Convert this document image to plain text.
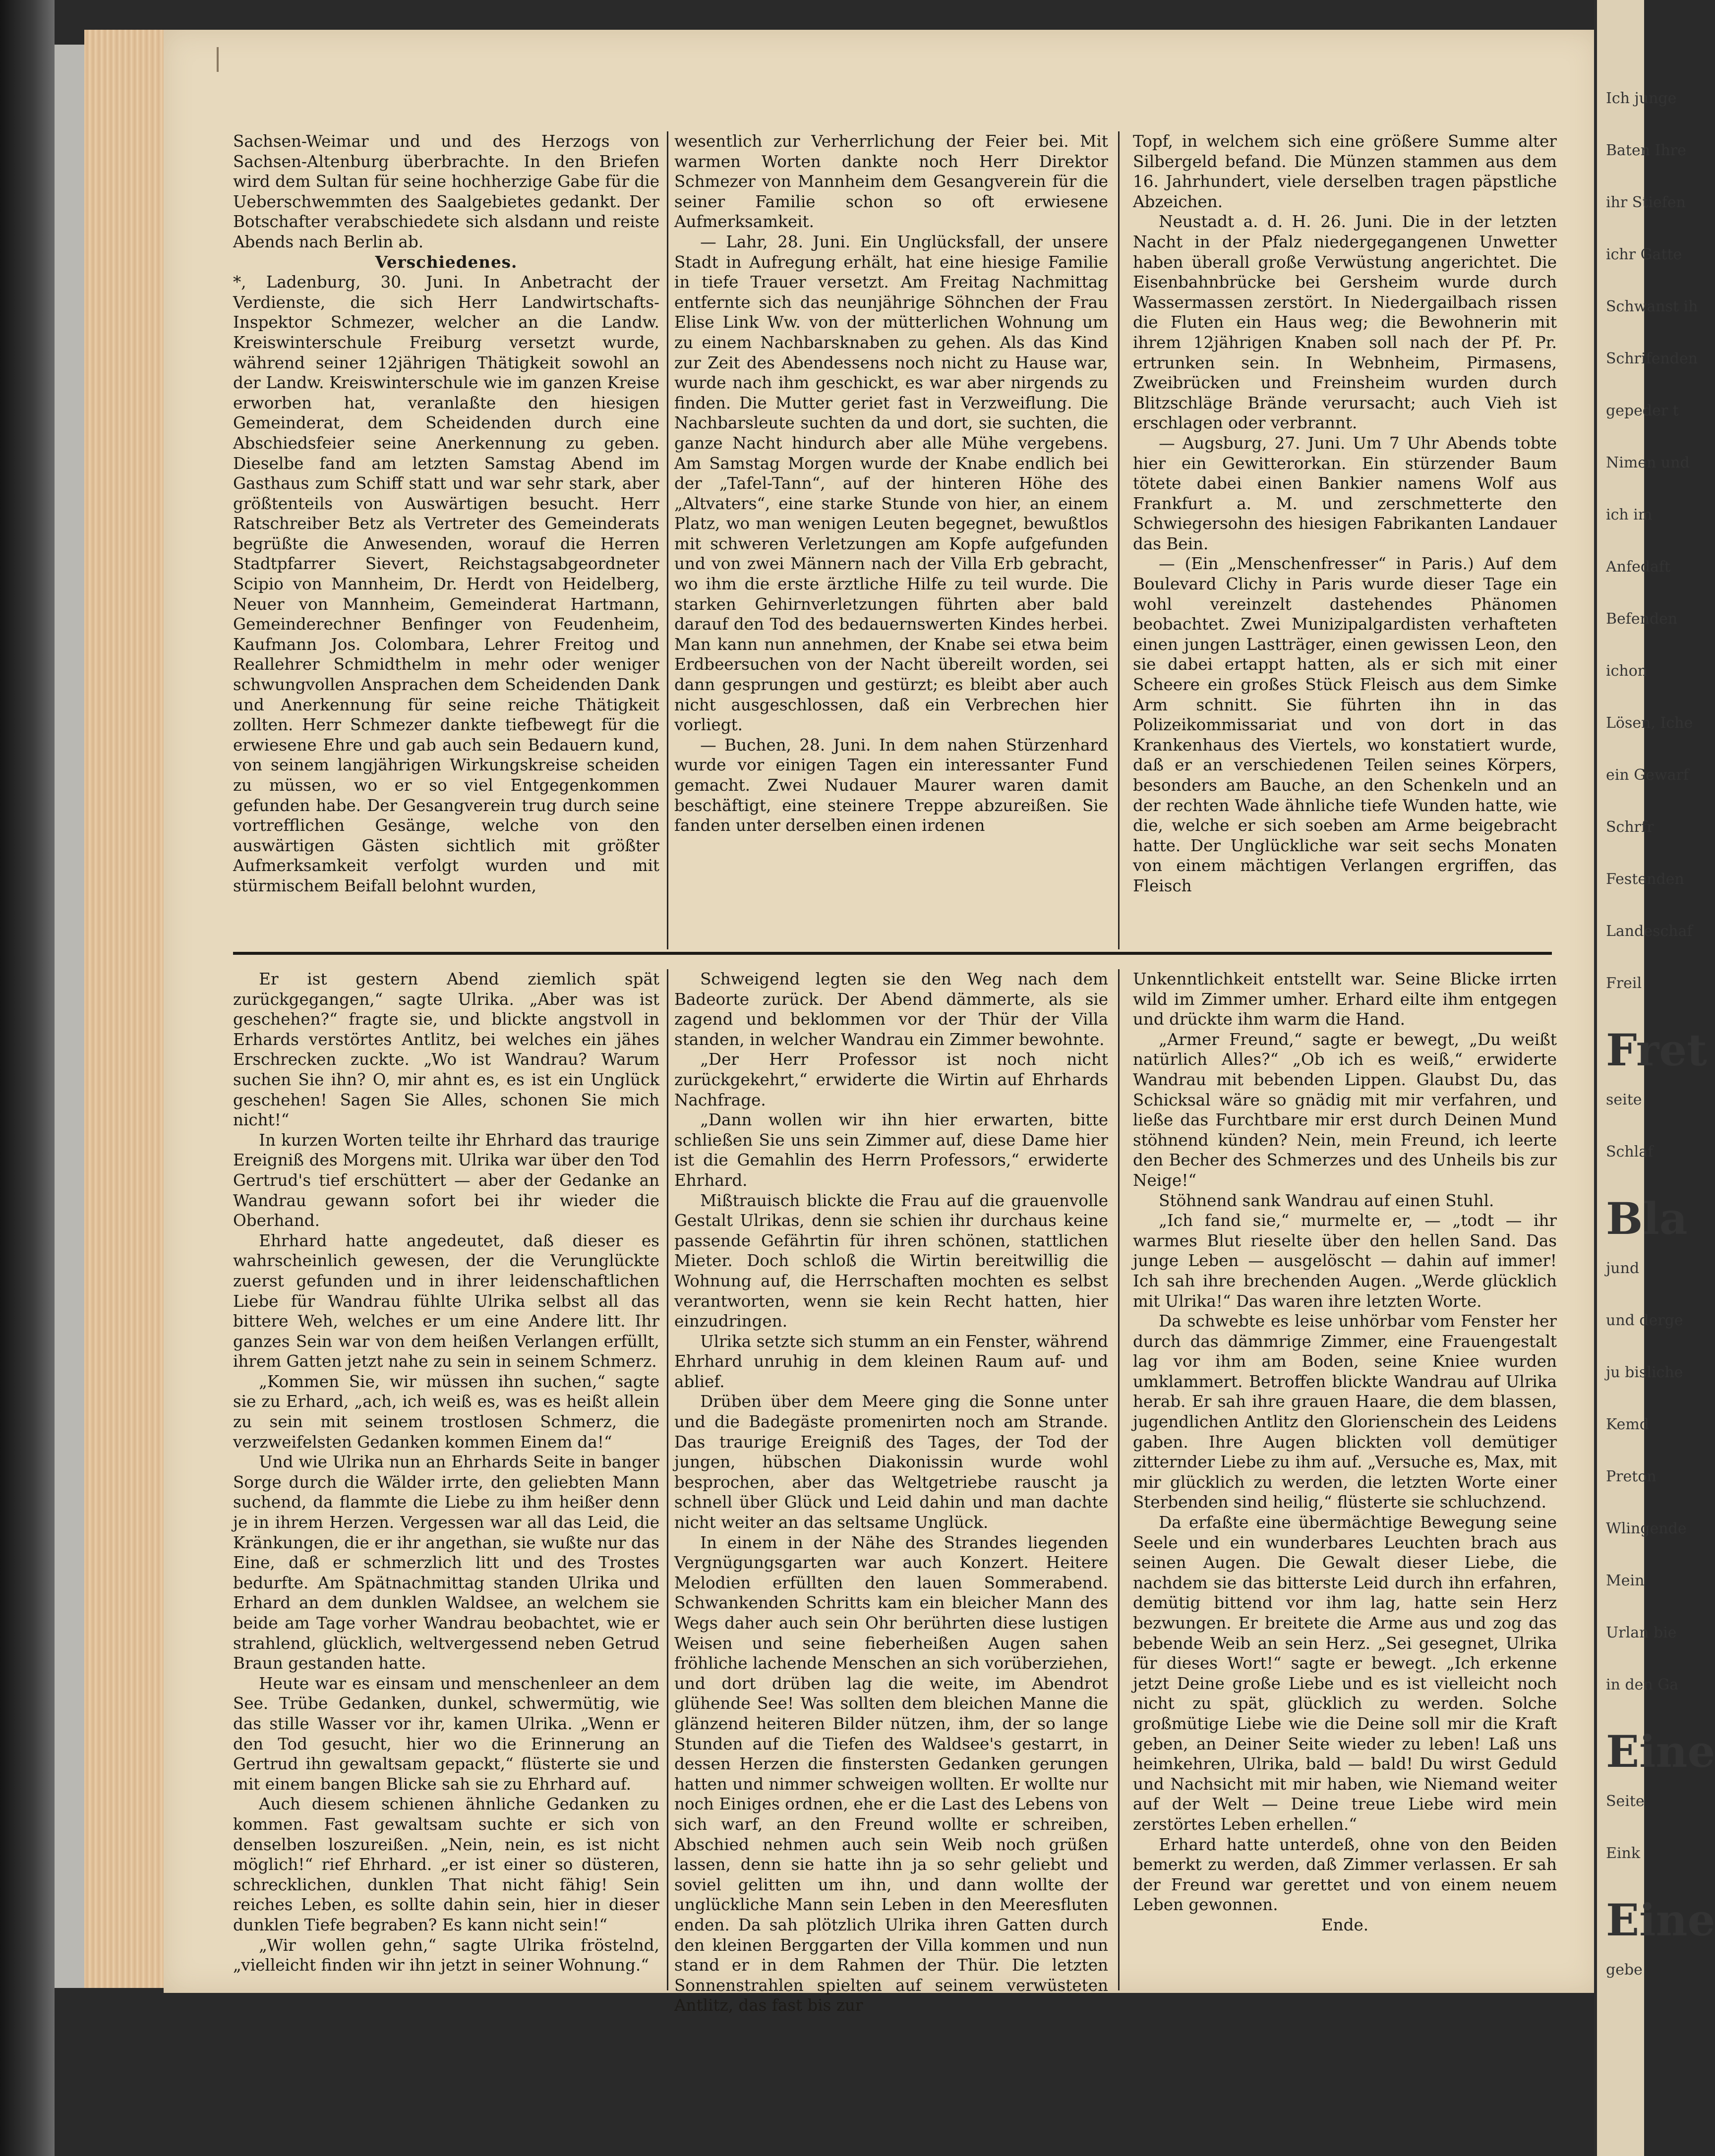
Sachsen-Weimar und und des Herzogs von Sachsen-Altenburg überbrachte. In den Briefen wird dem Sultan für seine hochherzige Gabe für die Ueberschwemmten des Saalgebietes gedankt. Der Botschafter verabschiedete sich alsdann und reiste Abends nach Berlin ab.

Verschiedenes.

*, Ladenburg, 30. Juni. In Anbetracht der Verdienste, die sich Herr Landwirtschafts-Inspektor Schmezer, welcher an die Landw. Kreiswinterschule Freiburg versetzt wurde, während seiner 12jährigen Thätigkeit sowohl an der Landw. Kreiswinterschule wie im ganzen Kreise erworben hat, veranlaßte den hiesigen Gemeinderat, dem Scheidenden durch eine Abschiedsfeier seine Anerkennung zu geben. Dieselbe fand am letzten Samstag Abend im Gasthaus zum Schiff statt und war sehr stark, aber größtenteils von Auswärtigen besucht. Herr Ratschreiber Betz als Vertreter des Gemeinderats begrüßte die Anwesenden, worauf die Herren Stadtpfarrer Sievert, Reichstagsabgeordneter Scipio von Mannheim, Dr. Herdt von Heidelberg, Neuer von Mannheim, Gemeinderat Hartmann, Gemeinderechner Benfinger von Feudenheim, Kaufmann Jos. Colombara, Lehrer Freitog und Reallehrer Schmidthelm in mehr oder weniger schwungvollen Ansprachen dem Scheidenden Dank und Anerkennung für seine reiche Thätigkeit zollten. Herr Schmezer dankte tiefbewegt für die erwiesene Ehre und gab auch sein Bedauern kund, von seinem langjährigen Wirkungskreise scheiden zu müssen, wo er so viel Entgegenkommen gefunden habe. Der Gesangverein trug durch seine vortrefflichen Gesänge, welche von den auswärtigen Gästen sichtlich mit größter Aufmerksamkeit verfolgt wurden und mit stürmischem Beifall belohnt wurden,

wesentlich zur Verherrlichung der Feier bei. Mit warmen Worten dankte noch Herr Direktor Schmezer von Mannheim dem Gesangverein für die seiner Familie schon so oft erwiesene Aufmerksamkeit.

— Lahr, 28. Juni. Ein Unglücksfall, der unsere Stadt in Aufregung erhält, hat eine hiesige Familie in tiefe Trauer versetzt. Am Freitag Nachmittag entfernte sich das neunjährige Söhnchen der Frau Elise Link Ww. von der mütterlichen Wohnung um zu einem Nachbarsknaben zu gehen. Als das Kind zur Zeit des Abendessens noch nicht zu Hause war, wurde nach ihm geschickt, es war aber nirgends zu finden. Die Mutter geriet fast in Verzweiflung. Die Nachbarsleute suchten da und dort, sie suchten, die ganze Nacht hindurch aber alle Mühe vergebens. Am Samstag Morgen wurde der Knabe endlich bei der „Tafel-Tann“, auf der hinteren Höhe des „Altvaters“, eine starke Stunde von hier, an einem Platz, wo man wenigen Leuten begegnet, bewußtlos mit schweren Verletzungen am Kopfe aufgefunden und von zwei Männern nach der Villa Erb gebracht, wo ihm die erste ärztliche Hilfe zu teil wurde. Die starken Gehirnverletzungen führten aber bald darauf den Tod des bedauernswerten Kindes herbei. Man kann nun annehmen, der Knabe sei etwa beim Erdbeersuchen von der Nacht übereilt worden, sei dann gesprungen und gestürzt; es bleibt aber auch nicht ausgeschlossen, daß ein Verbrechen hier vorliegt.

— Buchen, 28. Juni. In dem nahen Stürzenhard wurde vor einigen Tagen ein interessanter Fund gemacht. Zwei Nudauer Maurer waren damit beschäftigt, eine steinere Treppe abzureißen. Sie fanden unter derselben einen irdenen

Topf, in welchem sich eine größere Summe alter Silbergeld befand. Die Münzen stammen aus dem 16. Jahrhundert, viele derselben tragen päpstliche Abzeichen.

Neustadt a. d. H. 26. Juni. Die in der letzten Nacht in der Pfalz niedergegangenen Unwetter haben überall große Verwüstung angerichtet. Die Eisenbahnbrücke bei Gersheim wurde durch Wassermassen zerstört. In Niedergailbach rissen die Fluten ein Haus weg; die Bewohnerin mit ihrem 12jährigen Knaben soll nach der Pf. Pr. ertrunken sein. In Webnheim, Pirmasens, Zweibrücken und Freinsheim wurden durch Blitzschläge Brände verursacht; auch Vieh ist erschlagen oder verbrannt.

— Augsburg, 27. Juni. Um 7 Uhr Abends tobte hier ein Gewitterorkan. Ein stürzender Baum tötete dabei einen Bankier namens Wolf aus Frankfurt a. M. und zerschmetterte den Schwiegersohn des hiesigen Fabrikanten Landauer das Bein.

— (Ein „Menschenfresser“ in Paris.) Auf dem Boulevard Clichy in Paris wurde dieser Tage ein wohl vereinzelt dastehendes Phänomen beobachtet. Zwei Munizipalgardisten verhafteten einen jungen Lastträger, einen gewissen Leon, den sie dabei ertappt hatten, als er sich mit einer Scheere ein großes Stück Fleisch aus dem Simke Arm schnitt. Sie führten ihn in das Polizeikommissariat und von dort in das Krankenhaus des Viertels, wo konstatiert wurde, daß er an verschiedenen Teilen seines Körpers, besonders am Bauche, an den Schenkeln und an der rechten Wade ähnliche tiefe Wunden hatte, wie die, welche er sich soeben am Arme beigebracht hatte. Der Unglückliche war seit sechs Monaten von einem mächtigen Verlangen ergriffen, das Fleisch

Er ist gestern Abend ziemlich spät zurückgegangen,“ sagte Ulrika. „Aber was ist geschehen?“ fragte sie, und blickte angstvoll in Erhards verstörtes Antlitz, bei welches ein jähes Erschrecken zuckte. „Wo ist Wandrau? Warum suchen Sie ihn? O, mir ahnt es, es ist ein Unglück geschehen! Sagen Sie Alles, schonen Sie mich nicht!“

In kurzen Worten teilte ihr Ehrhard das traurige Ereigniß des Morgens mit. Ulrika war über den Tod Gertrud's tief erschüttert — aber der Gedanke an Wandrau gewann sofort bei ihr wieder die Oberhand.

Ehrhard hatte angedeutet, daß dieser es wahrscheinlich gewesen, der die Verunglückte zuerst gefunden und in ihrer leidenschaftlichen Liebe für Wandrau fühlte Ulrika selbst all das bittere Weh, welches er um eine Andere litt. Ihr ganzes Sein war von dem heißen Verlangen erfüllt, ihrem Gatten jetzt nahe zu sein in seinem Schmerz.

„Kommen Sie, wir müssen ihn suchen,“ sagte sie zu Erhard, „ach, ich weiß es, was es heißt allein zu sein mit seinem trostlosen Schmerz, die verzweifelsten Gedanken kommen Einem da!“

Und wie Ulrika nun an Ehrhards Seite in banger Sorge durch die Wälder irrte, den geliebten Mann suchend, da flammte die Liebe zu ihm heißer denn je in ihrem Herzen. Vergessen war all das Leid, die Kränkungen, die er ihr angethan, sie wußte nur das Eine, daß er schmerzlich litt und des Trostes bedurfte. Am Spätnachmittag standen Ulrika und Erhard an dem dunklen Waldsee, an welchem sie beide am Tage vorher Wandrau beobachtet, wie er strahlend, glücklich, weltvergessend neben Getrud Braun gestanden hatte.

Heute war es einsam und menschenleer an dem See. Trübe Gedanken, dunkel, schwermütig, wie das stille Wasser vor ihr, kamen Ulrika. „Wenn er den Tod gesucht, hier wo die Erinnerung an Gertrud ihn gewaltsam gepackt,“ flüsterte sie und mit einem bangen Blicke sah sie zu Ehrhard auf.

Auch diesem schienen ähnliche Gedanken zu kommen. Fast gewaltsam suchte er sich von denselben loszureißen. „Nein, nein, es ist nicht möglich!“ rief Ehrhard. „er ist einer so düsteren, schrecklichen, dunklen That nicht fähig! Sein reiches Leben, es sollte dahin sein, hier in dieser dunklen Tiefe begraben? Es kann nicht sein!“

„Wir wollen gehn,“ sagte Ulrika fröstelnd, „vielleicht finden wir ihn jetzt in seiner Wohnung.“

Schweigend legten sie den Weg nach dem Badeorte zurück. Der Abend dämmerte, als sie zagend und beklommen vor der Thür der Villa standen, in welcher Wandrau ein Zimmer bewohnte.

„Der Herr Professor ist noch nicht zurückgekehrt,“ erwiderte die Wirtin auf Ehrhards Nachfrage.

„Dann wollen wir ihn hier erwarten, bitte schließen Sie uns sein Zimmer auf, diese Dame hier ist die Gemahlin des Herrn Professors,“ erwiderte Ehrhard.

Mißtrauisch blickte die Frau auf die grauenvolle Gestalt Ulrikas, denn sie schien ihr durchaus keine passende Gefährtin für ihren schönen, stattlichen Mieter. Doch schloß die Wirtin bereitwillig die Wohnung auf, die Herrschaften mochten es selbst verantworten, wenn sie kein Recht hatten, hier einzudringen.

Ulrika setzte sich stumm an ein Fenster, während Ehrhard unruhig in dem kleinen Raum auf- und ablief.

Drüben über dem Meere ging die Sonne unter und die Badegäste promenirten noch am Strande. Das traurige Ereigniß des Tages, der Tod der jungen, hübschen Diakonissin wurde wohl besprochen, aber das Weltgetriebe rauscht ja schnell über Glück und Leid dahin und man dachte nicht weiter an das seltsame Unglück.

In einem in der Nähe des Strandes liegenden Vergnügungsgarten war auch Konzert. Heitere Melodien erfüllten den lauen Sommerabend. Schwankenden Schritts kam ein bleicher Mann des Wegs daher auch sein Ohr berührten diese lustigen Weisen und seine fieberheißen Augen sahen fröhliche lachende Menschen an sich vorüberziehen, und dort drüben lag die weite, im Abendrot glühende See! Was sollten dem bleichen Manne die glänzend heiteren Bilder nützen, ihm, der so lange Stunden auf die Tiefen des Waldsee's gestarrt, in dessen Herzen die finstersten Gedanken gerungen hatten und nimmer schweigen wollten. Er wollte nur noch Einiges ordnen, ehe er die Last des Lebens von sich warf, an den Freund wollte er schreiben, Abschied nehmen auch sein Weib noch grüßen lassen, denn sie hatte ihn ja so sehr geliebt und soviel gelitten um ihn, und dann wollte der unglückliche Mann sein Leben in den Meeresfluten enden. Da sah plötzlich Ulrika ihren Gatten durch den kleinen Berggarten der Villa kommen und nun stand er in dem Rahmen der Thür. Die letzten Sonnenstrahlen spielten auf seinem verwüsteten Antlitz, das fast bis zur

Unkenntlichkeit entstellt war. Seine Blicke irrten wild im Zimmer umher. Erhard eilte ihm entgegen und drückte ihm warm die Hand.

„Armer Freund,“ sagte er bewegt, „Du weißt natürlich Alles?“ „Ob ich es weiß,“ erwiderte Wandrau mit bebenden Lippen. Glaubst Du, das Schicksal wäre so gnädig mit mir verfahren, und ließe das Furchtbare mir erst durch Deinen Mund stöhnend künden? Nein, mein Freund, ich leerte den Becher des Schmerzes und des Unheils bis zur Neige!“

Stöhnend sank Wandrau auf einen Stuhl.

„Ich fand sie,“ murmelte er, — „todt — ihr warmes Blut rieselte über den hellen Sand. Das junge Leben — ausgelöscht — dahin auf immer! Ich sah ihre brechenden Augen. „Werde glücklich mit Ulrika!“ Das waren ihre letzten Worte.

Da schwebte es leise unhörbar vom Fenster her durch das dämmrige Zimmer, eine Frauengestalt lag vor ihm am Boden, seine Kniee wurden umklammert. Betroffen blickte Wandrau auf Ulrika herab. Er sah ihre grauen Haare, die dem blassen, jugendlichen Antlitz den Glorienschein des Leidens gaben. Ihre Augen blickten voll demütiger zitternder Liebe zu ihm auf. „Versuche es, Max, mit mir glücklich zu werden, die letzten Worte einer Sterbenden sind heilig,“ flüsterte sie schluchzend.

Da erfaßte eine übermächtige Bewegung seine Seele und ein wunderbares Leuchten brach aus seinen Augen. Die Gewalt dieser Liebe, die nachdem sie das bitterste Leid durch ihn erfahren, demütig bittend vor ihm lag, hatte sein Herz bezwungen. Er breitete die Arme aus und zog das bebende Weib an sein Herz. „Sei gesegnet, Ulrika für dieses Wort!“ sagte er bewegt. „Ich erkenne jetzt Deine große Liebe und es ist vielleicht noch nicht zu spät, glücklich zu werden. Solche großmütige Liebe wie die Deine soll mir die Kraft geben, an Deiner Seite wieder zu leben! Laß uns heimkehren, Ulrika, bald — bald! Du wirst Geduld und Nachsicht mit mir haben, wie Niemand weiter auf der Welt — Deine treue Liebe wird mein zerstörtes Leben erhellen.“

Erhard hatte unterdeß, ohne von den Beiden bemerkt zu werden, daß Zimmer verlassen. Er sah der Freund war gerettet und von einem neuem Leben gewonnen.

Ende.

Ich junge
Baten Ihre
ihr Stiefen
ichr Gatte
Schwanst ih
Schrifenden
gepeder t
Nimen und
ich im
Anfedaft
Befenden
ichon
Lösen, Iche
ein Gewarf
Schrfr
Festenden
Landeschaf
Freil
Fret
seite
Schlaf
Bla
jund
und derge
ju bisliche
Kemd
Preton
Wlingende
Mein
Urlan bie
in den Ga
Eine
Seite
Eink
Eine
gebe
